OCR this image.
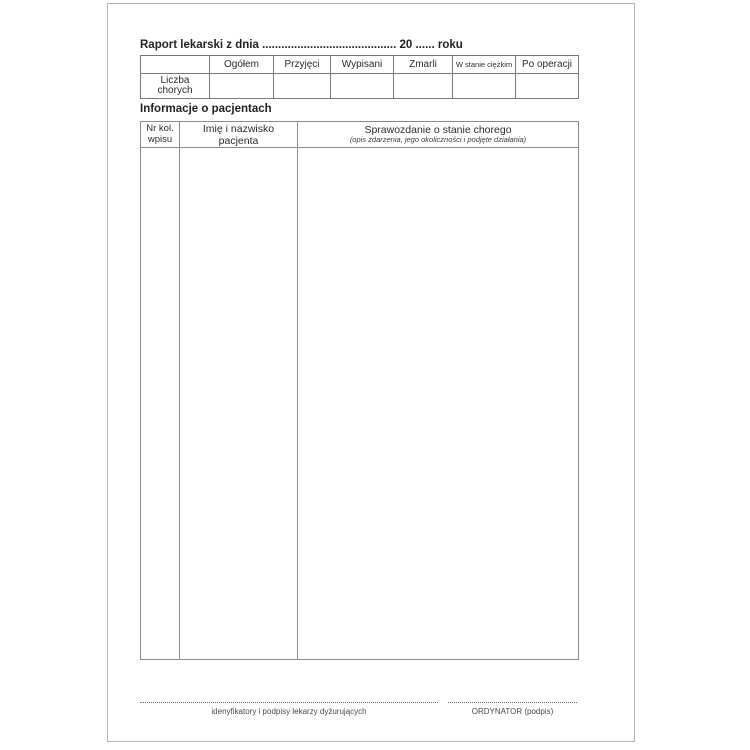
Raport lekarski z dnia .......................................... 20 ...... roku
	Ogółem	Przyjęci	Wypisani	Zmarli	W stanie ciężkim	Po operacji
Liczba chorych						
Informacje o pacjentach
Nr kol. wpisu	Imię i nazwisko pacjenta	Sprawozdanie o stanie chorego
(opis zdarzenia, jego okoliczności i podjęte działania)

idenyfikatory i podpisy lekarzy dyżurujących	ORDYNATOR (podpis)
